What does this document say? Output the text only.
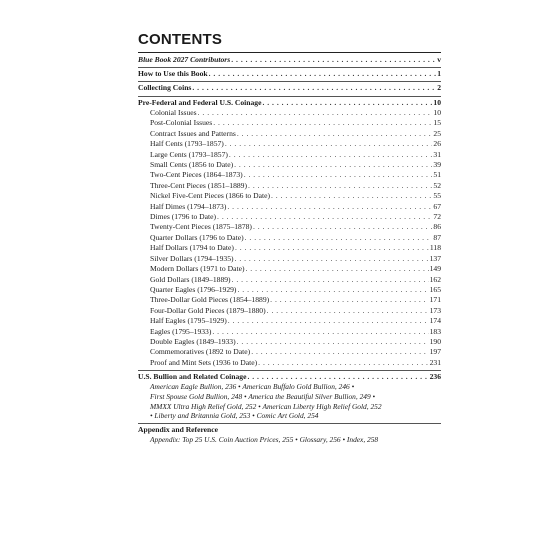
CONTENTS
Blue Book 2027 Contributors . . .	v
How to Use this Book . . .	1
Collecting Coins . . .	2
Pre-Federal and Federal U.S. Coinage . . .	10
Colonial Issues . . .	10
Post-Colonial Issues . . .	15
Contract Issues and Patterns . . .	25
Half Cents (1793–1857) . . .	26
Large Cents (1793–1857) . . .	31
Small Cents (1856 to Date) . . .	39
Two-Cent Pieces (1864–1873) . . .	51
Three-Cent Pieces (1851–1889) . . .	52
Nickel Five-Cent Pieces (1866 to Date) . . .	55
Half Dimes (1794–1873) . . .	67
Dimes (1796 to Date) . . .	72
Twenty-Cent Pieces (1875–1878) . . .	86
Quarter Dollars (1796 to Date) . . .	87
Half Dollars (1794 to Date) . . .	118
Silver Dollars (1794–1935) . . .	137
Modern Dollars (1971 to Date) . . .	149
Gold Dollars (1849–1889) . . .	162
Quarter Eagles (1796–1929) . . .	165
Three-Dollar Gold Pieces (1854–1889) . . .	171
Four-Dollar Gold Pieces (1879–1880) . . .	173
Half Eagles (1795–1929) . . .	174
Eagles (1795–1933) . . .	183
Double Eagles (1849–1933) . . .	190
Commemoratives (1892 to Date) . . .	197
Proof and Mint Sets (1936 to Date) . . .	231
U.S. Bullion and Related Coinage . . .	236
American Eagle Bullion, 236 • American Buffalo Gold Bullion, 246 •
First Spouse Gold Bullion, 248 • America the Beautiful Silver Bullion, 249 •
MMXX Ultra High Relief Gold, 252 • American Liberty High Relief Gold, 252
• Liberty and Britannia Gold, 253 • Comic Art Gold, 254
Appendix and Reference
Appendix: Top 25 U.S. Coin Auction Prices, 255 • Glossary, 256 • Index, 258
